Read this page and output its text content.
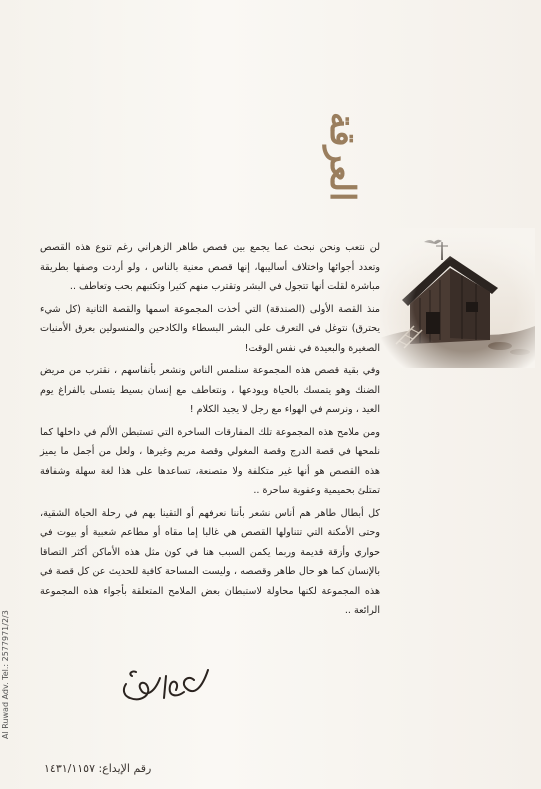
العرقة

لن نتعب ونحن نبحث عما يجمع بين قصص طاهر الزهراني رغم تنوع هذه القصص وتعدد أجوائها واختلاف أساليبها، إنها قصص معنية بالناس ، ولو أردت وصفها بطريقة مباشرة لقلت أنها تتجول في البشر وتقترب منهم كثيرا وتكتبهم بحب وتعاطف ..

منذ القصة الأولى (الصندقة) التي أخذت المجموعة اسمها والقصة الثانية (كل شيء يحترق) نتوغل في التعرف على البشر البسطاء والكادحين والمنسولين بعرق الأمنيات الصغيرة والبعيدة في نفس الوقت!

وفي بقية قصص هذه المجموعة سنلمس الناس ونشعر بأنفاسهم ، نقترب من مريض الضنك وهو يتمسك بالحياة ويودعها ، ونتعاطف مع إنسان بسيط يتسلى بالفراغ يوم العيد ، ونرسم في الهواء مع رجل لا يجيد الكلام !

ومن ملامح هذه المجموعة تلك المفارقات الساخرة التي تستبطن الألم في داخلها كما نلمحها في قصة الدرج وقصة المغولي وقصة مريم وغيرها ، ولعل من أجمل ما يميز هذه القصص هو أنها غير متكلفة ولا متصنعة، تساعدها على هذا لغة سهلة وشفافة تمتلئ بحميمية وعفوية ساحرة ..

كل أبطال طاهر هم أناس نشعر بأننا نعرفهم أو التقينا بهم في رحلة الحياة الشقية، وحتى الأمكنة التي تتناولها القصص هي غالبا إما مقاه أو مطاعم شعبية أو بيوت في حواري وأزقة قديمة وربما يكمن السبب هنا في كون مثل هذه الأماكن أكثر التصاقا بالإنسان كما هو حال طاهر وقصصه ، وليست المساحة كافية للحديث عن كل قصة في هذه المجموعة لكنها محاولة لاستبطان بعض الملامح المتعلقة بأجواء هذه المجموعة الرائعة ..

رقم الإيداع: ١٤٣١/١١٥٧
Al Ruwad Adv. Tel.: 2577971/2/3
